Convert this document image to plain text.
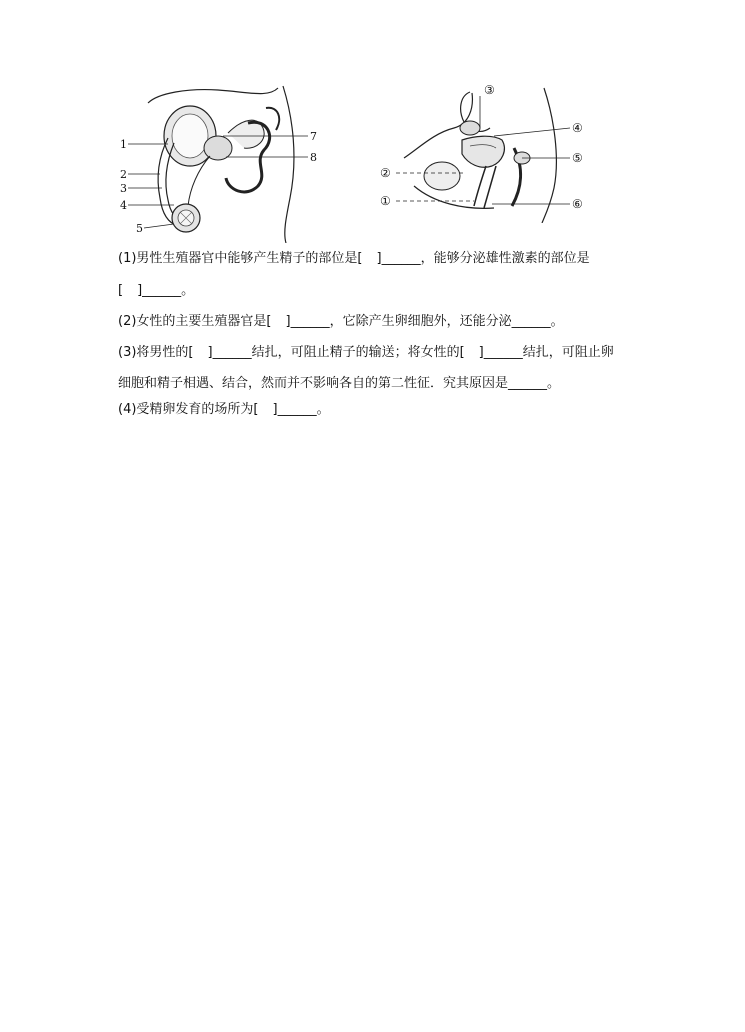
1
2
3
4
5
7
8
③
④
⑤
②
①	⑥
(1)男性生殖器官中能够产生精子的部位是[ ]______，能够分泌雄性激素的部位是
[ ]______。
(2)女性的主要生殖器官是[ ]______，它除产生卵细胞外，还能分泌______。
(3)将男性的[ ]______结扎，可阻止精子的输送；将女性的[ ]______结扎，可阻止卵
细胞和精子相遇、结合，然而并不影响各自的第二性征．究其原因是______。
(4)受精卵发育的场所为[ ]______。
